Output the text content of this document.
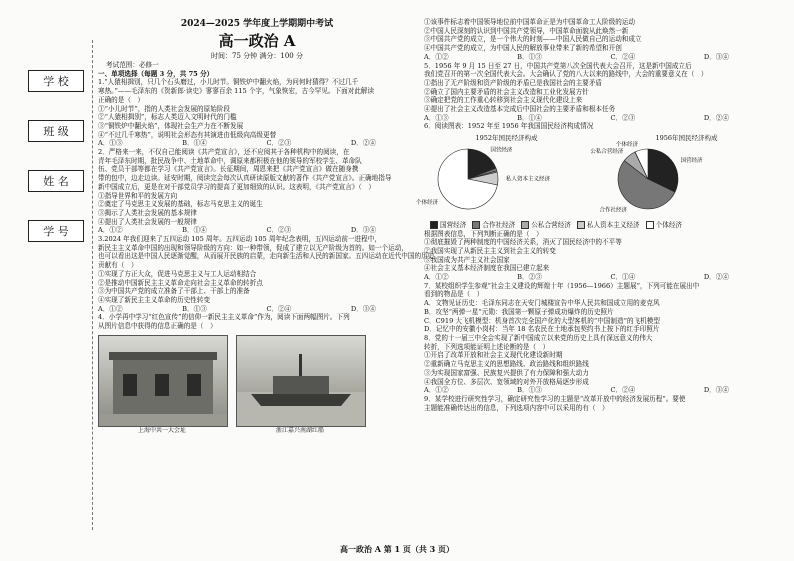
学 校
班 级
姓 名
学 号
2024—2025 学年度上学期期中考试
高一政治 A
时间：75 分钟 满分：100 分
考试范围：必修一
一、单项选择（每题 3 分，共 75 分）
1.“人猿相揖别，只几个石头磨过，小儿时节。铜铁炉中翻火焰，为问何时猜得？不过几千
寒热。”——毛泽东的《贺新郎·读史》寥寥百余 115 个字，气象恢宏，古今罕见。下面对此解读
正确的是（　）
①“小儿时节”，指的人类社会发展的原始阶段
②“人猿相揖别”，标志人类迈入文明时代的门槛
③“铜铁炉中翻火焰”，体现社会生产力在不断发展
④“不过几千寒热”，说明社会形态有其演进由低级向高级更替
A．①③	B．①④	C．②③	D．②④
2．严格来一来，不仅自己能阅读《共产党宣言》，还不应阅其于各种机构中的阅读，在
青年毛泽东时期，批民战争中、土地革命中，调原来都积极在他的领导的军校学生、革命队
伍、党员干部等都在学习《共产党宣言》。长征期间，周恩来把《共产党宣言》做在随身携
带的包中，边走边读。延安时期，阅读完会每次认真研读原版文献的著作《共产党宣言》。正确地指导
新中国成立后，更是在对干部党员学习的提高了更加细致的认识。这表明，《共产党宣言》（　）
①指导世界和平的发展方向
②奠定了马克思主义发展的基础，标志马克思主义的诞生
③揭示了人类社会发展的基本规律
④提出了人类社会发展的一般规律
A．①②	B．①④	C．②③	D．③④
3.2024 年我们迎来了五四运动 105 周年。五四运动 105 周年纪念表明，五四运动前一进程中，
新民主主义革命中国的出现和领导阶级的方向：如一种带领，促成了建立以无产阶级为首的。如一个运动，
也可以看出这是中国人民逐渐觉醒，从而展开民族的启蒙，走向新生活和人民的新国家。五四运动在近代中国的历史
贡献有（　）
①实现了方正大众，促进马克思主义与工人运动相结合
②是推动中国新民主主义革命走向社会主义革命的转折点
③为中国共产党的成立准备了干部上、干部上的准备
④实现了新民主主义革命的历史性转变
A．①②	B．①③	C．②④	D．③④
4．小学再中学习“红色宣传”的信仰一新民主主义革命”作为，阅读下面两幅图片。下列
从图片信息中获得的信息正确的是（　）
上海中共一大会址	浙江嘉兴南湖红船
①该事件标志着中国领导地位前中国革命正是为中国革命工人阶级的运动
②中国人民深刻的认识到中国共产党领导，中国革命面貌从此焕然一新
③中国共产党的成立，是一个伟大的时刻——中国人民做自己的运动和成立
④中国共产党的成立，为中国人民的解放事业带来了新的希望和开创
A．①②	B．①③	C．②④	D．③④
5．1956 年 9 月 15 日至 27 日，中国共产党第八次全国代表大会召开，这是新中国成立后
我们党召开的第一次全国代表大会。大会确认了党的八大以来的路线中，大会的重要意义在（　）
①指出了无产阶级和资产阶级的矛盾已是我国社会的主要矛盾
②确立了国内主要矛盾的社会主义改造和工业化发展方针
③确定把党的工作重心转移到社会主义现代化建设上来
④提出了社会主义改造基本完成后中国社会的主要矛盾和根本任务
A．①③	B．①④	C．②③	D．②④
6．阅读图表：1952 年至 1956 年我国国民经济构成情况
1952年国民经济构成
国营经济
私人资本主义经济
个体经济
1956年国民经济构成
国营经济
合作社经济
公私合营经济
个体经济
国营经济 合作社经济 公私合营经济 私人资本主义经济 个体经济
根据图表信息，下列判断正确的是（　）
①彻底摧毁了两种制度的中国经济关系，消灭了国民经济中的不平等
②我国实现了从新民主主义到社会主义的转变
③我国成为共产主义社会国家
④社会主义基本经济制度在我国已建立起来
A．①②	B．②③	C．①④	D．②④
7．某校组织学生参观“社会主义建设的辉煌十年（1956—1966）主题展”，下列可能在展出中
看到的物品是（　）
A．文物见证历史：毛泽东同志在天安门城楼宣告中华人民共和国成立用的麦克风
B．攻坚“两弹一星”元勋：我国第一颗原子弹成功爆炸的历史照片
C．C919 大飞机模型：机身首次完全国产化的大型客机的“中国制造”的飞机模型
D．记忆中的安徽小岗村：当年 18 名农民在土地承包契约书上按下的红手印照片
8．党的十一届三中全会实现了新中国成立以来党的历史上具有深远意义的伟大
转折，下列选项能证明上述论断的是（　）
①开启了改革开放和社会主义现代化建设新时期
②重新确立马克思主义的思想路线、政治路线和组织路线
③为实现国家富强、民族复兴提供了有力保障和强大动力
④我国全方位、多层次、宽领域的对外开放格局逐步形成
A．①②	B．①③	C．②④	D．③④
9．某学校进行研究性学习，确定研究性学习的主题是“改革开放中的经济发展历程”。要使
主题能准确传达出的信息，下列选项内容中可以采用的有（　）
高一政治 A 第 1 页（共 3 页）
